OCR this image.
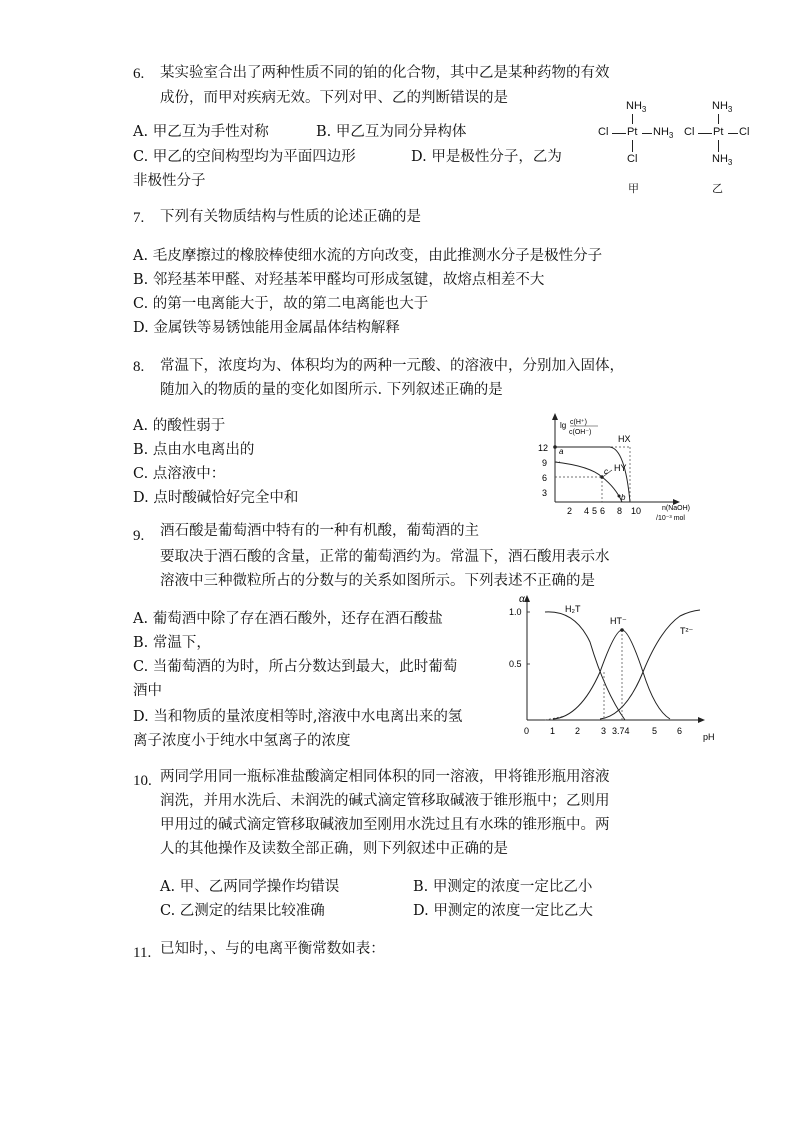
6. 某实验室合出了两种性质不同的铂的化合物，其中乙是某种药物的有效
成份，而甲对疾病无效。下列对甲、乙的判断错误的是
A. 甲乙互为手性对称	B. 甲乙互为同分异构体
C. 甲乙的空间构型均为平面四边形	D. 甲是极性分子，乙为
非极性分子
$NH_3$
Cl Pt $NH_3$
Cl
甲
$NH_3$
Cl Pt Cl
$NH_3$
乙
7. 下列有关物质结构与性质的论述正确的是
A. 毛皮摩擦过的橡胶棒使细水流的方向改变，由此推测水分子是极性分子
B. 邻羟基苯甲醛、对羟基苯甲醛均可形成氢键，故熔点相差不大
C. 的第一电离能大于，故的第二电离能也大于
D. 金属铁等易锈蚀能用金属晶体结构解释
8. 常温下，浓度均为、体积均为的两种一元酸、的溶液中，分别加入固体，
随加入的物质的量的变化如图所示. 下列叙述正确的是
A. 的酸性弱于
B. 点由水电离出的
C. 点溶液中：
D. 点时酸碱恰好完全中和
lg c(H⁺)
c(OH⁻)
12
9
6
3
2 4 5 6 8 10	n(NaOH)
/10⁻³ mol
a
c
b
HX
HY
9. 酒石酸是葡萄酒中特有的一种有机酸，葡萄酒的主
要取决于酒石酸的含量，正常的葡萄酒约为。常温下，酒石酸用表示水
溶液中三种微粒所占的分数与的关系如图所示。下列表述不正确的是
A. 葡萄酒中除了存在酒石酸外，还存在酒石酸盐
B. 常温下，
C. 当葡萄酒的为时，所占分数达到最大，此时葡萄
酒中
D. 当和物质的量浓度相等时,溶液中水电离出来的氢
离子浓度小于纯水中氢离子的浓度
α
1.0
0.5
0 1 2 3 3.74 5 6
pH
H₂T
HT⁻
T²⁻
10. 两同学用同一瓶标准盐酸滴定相同体积的同一溶液，甲将锥形瓶用溶液
润洗，并用水洗后、未润洗的碱式滴定管移取碱液于锥形瓶中；乙则用
甲用过的碱式滴定管移取碱液加至刚用水洗过且有水珠的锥形瓶中。两
人的其他操作及读数全部正确，则下列叙述中正确的是
A. 甲、乙两同学操作均错误	B. 甲测定的浓度一定比乙小
C. 乙测定的结果比较准确	D. 甲测定的浓度一定比乙大
11. 已知时，、与的电离平衡常数如表：
